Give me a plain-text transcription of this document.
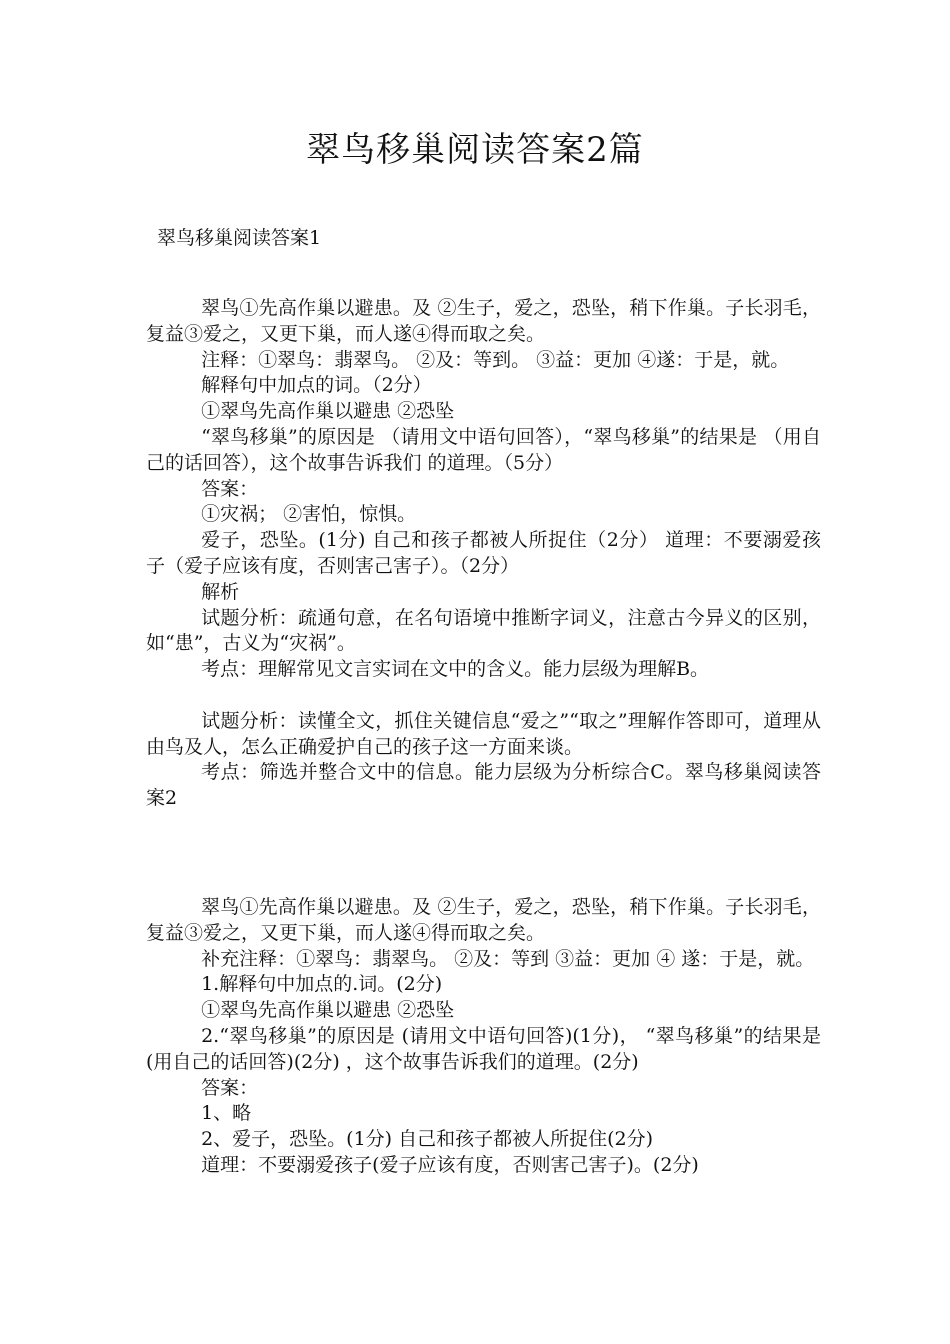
翠鸟移巢阅读答案2篇
翠鸟移巢阅读答案1

翠鸟①先高作巢以避患。及 ②生子，爱之，恐坠，稍下作巢。子长羽毛，复益③爱之，又更下巢，而人遂④得而取之矣。

注释：①翠鸟：翡翠鸟。 ②及：等到。 ③益：更加 ④遂：于是，就。

解释句中加点的词。（2分）

①翠鸟先高作巢以避患 ②恐坠

“翠鸟移巢”的原因是 （请用文中语句回答），“翠鸟移巢”的结果是 （用自己的话回答），这个故事告诉我们 的道理。（5分）

答案：

①灾祸； ②害怕，惊惧。

爱子，恐坠。(1分) 自己和孩子都被人所捉住（2分） 道理：不要溺爱孩子（爱子应该有度，否则害己害子）。（2分）

解析

试题分析：疏通句意，在名句语境中推断字词义，注意古今异义的区别，如“患”，古义为“灾祸”。

考点：理解常见文言实词在文中的含义。能力层级为理解B。

试题分析：读懂全文，抓住关键信息“爱之”“取之”理解作答即可，道理从由鸟及人，怎么正确爱护自己的孩子这一方面来谈。

考点：筛选并整合文中的信息。能力层级为分析综合C。翠鸟移巢阅读答案2

翠鸟①先高作巢以避患。及 ②生子，爱之，恐坠，稍下作巢。子长羽毛，复益③爱之，又更下巢，而人遂④得而取之矣。

补充注释：①翠鸟：翡翠鸟。 ②及：等到 ③益：更加 ④ 遂：于是，就。

1.解释句中加点的.词。(2分)

①翠鸟先高作巢以避患 ②恐坠

2.“翠鸟移巢”的原因是 (请用文中语句回答)(1分)， “翠鸟移巢”的结果是 (用自己的话回答)(2分) ，这个故事告诉我们的道理。(2分)

答案：

1、略

2、爱子，恐坠。(1分) 自己和孩子都被人所捉住(2分)

道理：不要溺爱孩子(爱子应该有度，否则害己害子)。(2分)
